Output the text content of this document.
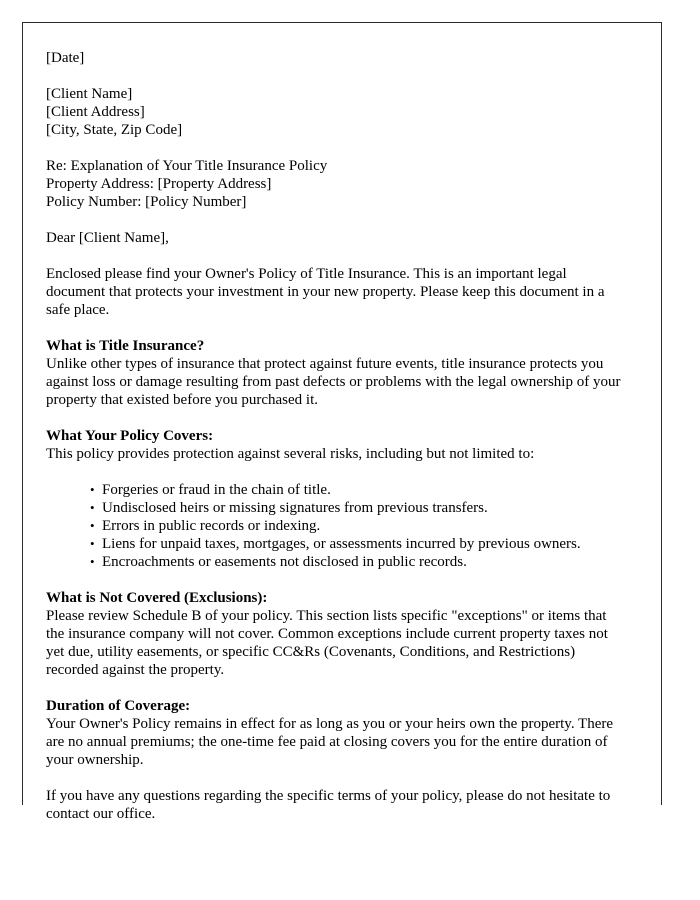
[Date]
[Client Name]
[Client Address]
[City, State, Zip Code]
Re: Explanation of Your Title Insurance Policy
Property Address: [Property Address]
Policy Number: [Policy Number]
Dear [Client Name],

Enclosed please find your Owner's Policy of Title Insurance. This is an important legal document that protects your investment in your new property. Please keep this document in a safe place.

What is Title Insurance?

Unlike other types of insurance that protect against future events, title insurance protects you against loss or damage resulting from past defects or problems with the legal ownership of your property that existed before you purchased it.

What Your Policy Covers:

This policy provides protection against several risks, including but not limited to:

• Forgeries or fraud in the chain of title.
• Undisclosed heirs or missing signatures from previous transfers.
• Errors in public records or indexing.
• Liens for unpaid taxes, mortgages, or assessments incurred by previous owners.
• Encroachments or easements not disclosed in public records.
What is Not Covered (Exclusions):

Please review Schedule B of your policy. This section lists specific "exceptions" or items that the insurance company will not cover. Common exceptions include current property taxes not yet due, utility easements, or specific CC&Rs (Covenants, Conditions, and Restrictions) recorded against the property.

Duration of Coverage:

Your Owner's Policy remains in effect for as long as you or your heirs own the property. There are no annual premiums; the one-time fee paid at closing covers you for the entire duration of your ownership.

If you have any questions regarding the specific terms of your policy, please do not hesitate to contact our office.
